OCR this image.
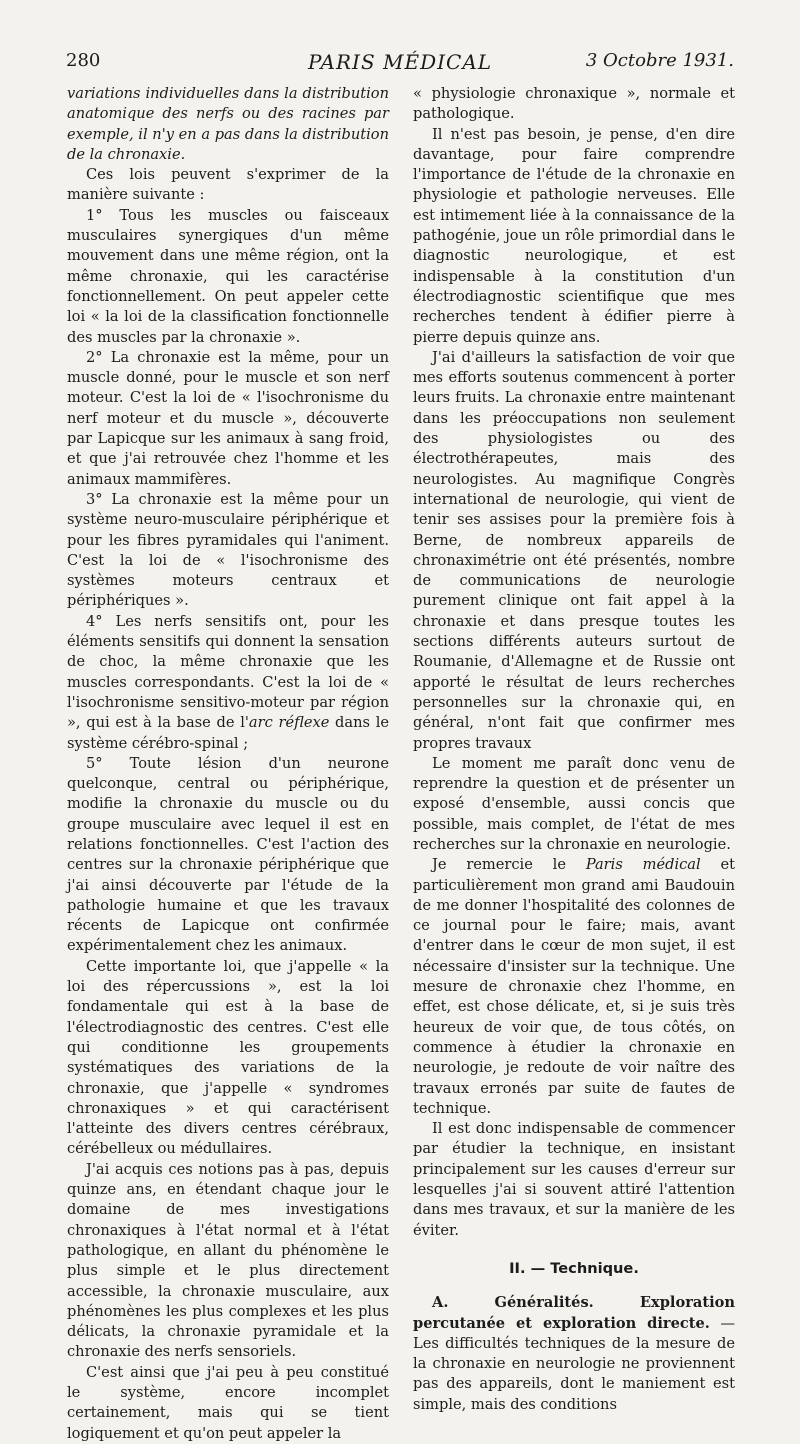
280	PARIS MÉDICAL	3 Octobre 1931.

variations individuelles dans la distribution anatomique des nerfs ou des racines par exemple, il n'y en a pas dans la distribution de la chronaxie.

Ces lois peuvent s'exprimer de la manière suivante :

1° Tous les muscles ou faisceaux musculaires synergiques d'un même mouvement dans une même région, ont la même chronaxie, qui les caractérise fonctionnellement. On peut appeler cette loi « la loi de la classification fonctionnelle des muscles par la chronaxie ».

2° La chronaxie est la même, pour un muscle donné, pour le muscle et son nerf moteur. C'est la loi de « l'isochronisme du nerf moteur et du muscle », découverte par Lapicque sur les animaux à sang froid, et que j'ai retrouvée chez l'homme et les animaux mammifères.

3° La chronaxie est la même pour un système neuro-musculaire périphérique et pour les fibres pyramidales qui l'animent. C'est la loi de « l'isochronisme des systèmes moteurs centraux et périphériques ».

4° Les nerfs sensitifs ont, pour les éléments sensitifs qui donnent la sensation de choc, la même chronaxie que les muscles correspondants. C'est la loi de « l'isochronisme sensitivo-moteur par région », qui est à la base de l'arc réflexe dans le système cérébro-spinal ;

5° Toute lésion d'un neurone quelconque, central ou périphérique, modifie la chronaxie du muscle ou du groupe musculaire avec lequel il est en relations fonctionnelles. C'est l'action des centres sur la chronaxie périphérique que j'ai ainsi découverte par l'étude de la pathologie humaine et que les travaux récents de Lapicque ont confirmée expérimentalement chez les animaux.

Cette importante loi, que j'appelle « la loi des répercussions », est la loi fondamentale qui est à la base de l'électrodiagnostic des centres. C'est elle qui conditionne les groupements systématiques des variations de la chronaxie, que j'appelle « syndromes chronaxiques » et qui caractérisent l'atteinte des divers centres cérébraux, cérébelleux ou médullaires.

J'ai acquis ces notions pas à pas, depuis quinze ans, en étendant chaque jour le domaine de mes investigations chronaxiques à l'état normal et à l'état pathologique, en allant du phénomène le plus simple et le plus directement accessible, la chronaxie musculaire, aux phénomènes les plus complexes et les plus délicats, la chronaxie pyramidale et la chronaxie des nerfs sensoriels.

C'est ainsi que j'ai peu à peu constitué le système, encore incomplet certainement, mais qui se tient logiquement et qu'on peut appeler la

« physiologie chronaxique », normale et pathologique.

Il n'est pas besoin, je pense, d'en dire davantage, pour faire comprendre l'importance de l'étude de la chronaxie en physiologie et pathologie nerveuses. Elle est intimement liée à la connaissance de la pathogénie, joue un rôle primordial dans le diagnostic neurologique, et est indispensable à la constitution d'un électrodiagnostic scientifique que mes recherches tendent à édifier pierre à pierre depuis quinze ans.

J'ai d'ailleurs la satisfaction de voir que mes efforts soutenus commencent à porter leurs fruits. La chronaxie entre maintenant dans les préoccupations non seulement des physiologistes ou des électrothérapeutes, mais des neurologistes. Au magnifique Congrès international de neurologie, qui vient de tenir ses assises pour la première fois à Berne, de nombreux appareils de chronaximétrie ont été présentés, nombre de communications de neurologie purement clinique ont fait appel à la chronaxie et dans presque toutes les sections différents auteurs surtout de Roumanie, d'Allemagne et de Russie ont apporté le résultat de leurs recherches personnelles sur la chronaxie qui, en général, n'ont fait que confirmer mes propres travaux

Le moment me paraît donc venu de reprendre la question et de présenter un exposé d'ensemble, aussi concis que possible, mais complet, de l'état de mes recherches sur la chronaxie en neurologie.

Je remercie le Paris médical et particulièrement mon grand ami Baudouin de me donner l'hospitalité des colonnes de ce journal pour le faire; mais, avant d'entrer dans le cœur de mon sujet, il est nécessaire d'insister sur la technique. Une mesure de chronaxie chez l'homme, en effet, est chose délicate, et, si je suis très heureux de voir que, de tous côtés, on commence à étudier la chronaxie en neurologie, je redoute de voir naître des travaux erronés par suite de fautes de technique.

Il est donc indispensable de commencer par étudier la technique, en insistant principalement sur les causes d'erreur sur lesquelles j'ai si souvent attiré l'attention dans mes travaux, et sur la manière de les éviter.

II. — Technique.

A. Généralités. Exploration percutanée et exploration directe. — Les difficultés techniques de la mesure de la chronaxie en neurologie ne proviennent pas des appareils, dont le maniement est simple, mais des conditions
